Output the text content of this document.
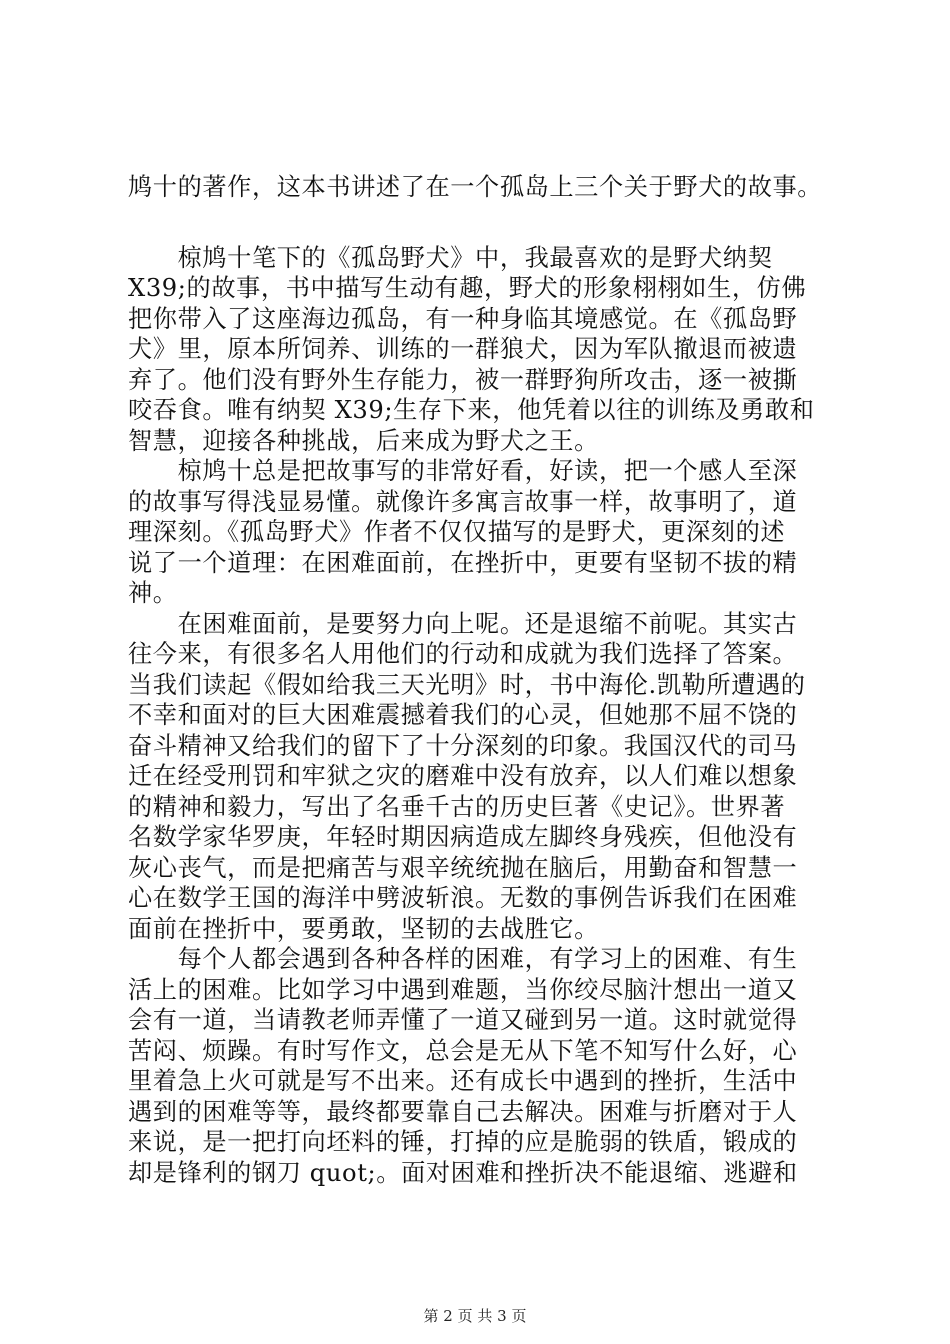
鸠十的著作，这本书讲述了在一个孤岛上三个关于野犬的故事。
　　椋鸠十笔下的《孤岛野犬》中，我最喜欢的是野犬纳契
X39;的故事，书中描写生动有趣，野犬的形象栩栩如生，仿佛
把你带入了这座海边孤岛，有一种身临其境感觉。在《孤岛野
犬》里，原本所饲养、训练的一群狼犬，因为军队撤退而被遗
弃了。他们没有野外生存能力，被一群野狗所攻击，逐一被撕
咬吞食。唯有纳契 X39;生存下来，他凭着以往的训练及勇敢和
智慧，迎接各种挑战，后来成为野犬之王。
　　椋鸠十总是把故事写的非常好看，好读，把一个感人至深
的故事写得浅显易懂。就像许多寓言故事一样，故事明了，道
理深刻。《孤岛野犬》作者不仅仅描写的是野犬，更深刻的述
说了一个道理：在困难面前，在挫折中，更要有坚韧不拔的精
神。
　　在困难面前，是要努力向上呢。还是退缩不前呢。其实古
往今来，有很多名人用他们的行动和成就为我们选择了答案。
当我们读起《假如给我三天光明》时，书中海伦.凯勒所遭遇的
不幸和面对的巨大困难震撼着我们的心灵，但她那不屈不饶的
奋斗精神又给我们的留下了十分深刻的印象。我国汉代的司马
迁在经受刑罚和牢狱之灾的磨难中没有放弃，以人们难以想象
的精神和毅力，写出了名垂千古的历史巨著《史记》。世界著
名数学家华罗庚，年轻时期因病造成左脚终身残疾，但他没有
灰心丧气，而是把痛苦与艰辛统统抛在脑后，用勤奋和智慧一
心在数学王国的海洋中劈波斩浪。无数的事例告诉我们在困难
面前在挫折中，要勇敢，坚韧的去战胜它。
　　每个人都会遇到各种各样的困难，有学习上的困难、有生
活上的困难。比如学习中遇到难题，当你绞尽脑汁想出一道又
会有一道，当请教老师弄懂了一道又碰到另一道。这时就觉得
苦闷、烦躁。有时写作文，总会是无从下笔不知写什么好，心
里着急上火可就是写不出来。还有成长中遇到的挫折，生活中
遇到的困难等等，最终都要靠自己去解决。困难与折磨对于人
来说，是一把打向坯料的锤，打掉的应是脆弱的铁盾，锻成的
却是锋利的钢刀 quot;。面对困难和挫折决不能退缩、逃避和
第 2 页 共 3 页
